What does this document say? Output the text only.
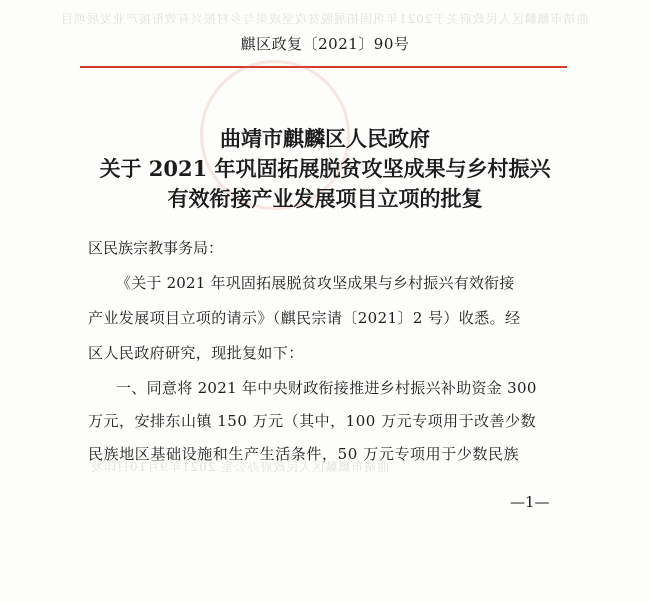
曲靖市麒麟区人民政府关于2021年巩固拓展脱贫攻坚成果与乡村振兴有效衔接产业发展项目
麒区政复〔2021〕90号
曲靖市麒麟区人民政府
关于 2021 年巩固拓展脱贫攻坚成果与乡村振兴
有效衔接产业发展项目立项的批复
区民族宗教事务局：
《关于 2021 年巩固拓展脱贫攻坚成果与乡村振兴有效衔接
产业发展项目立项的请示》（麒民宗请〔2021〕2 号）收悉。经
区人民政府研究，现批复如下：
一、同意将 2021 年中央财政衔接推进乡村振兴补助资金 300
万元，安排东山镇 150 万元（其中，100 万元专项用于改善少数
民族地区基础设施和生产生活条件，50 万元专项用于少数民族
曲靖市麒麟区人民政府办公室 2021年9月10日印发
—1—
